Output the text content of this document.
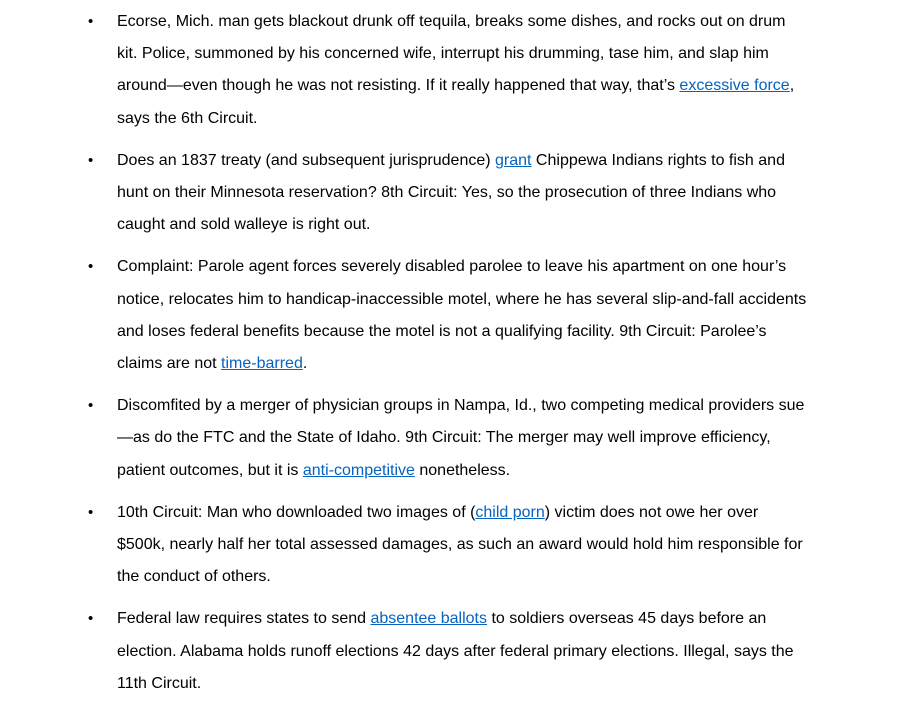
• Ecorse, Mich. man gets blackout drunk off tequila, breaks some dishes, and rocks out on drum kit. Police, summoned by his concerned wife, interrupt his drumming, tase him, and slap him around—even though he was not resisting. If it really happened that way, that’s excessive force, says the 6th Circuit.
• Does an 1837 treaty (and subsequent jurisprudence) grant Chippewa Indians rights to fish and hunt on their Minnesota reservation? 8th Circuit: Yes, so the prosecution of three Indians who caught and sold walleye is right out.
• Complaint: Parole agent forces severely disabled parolee to leave his apartment on one hour’s notice, relocates him to handicap-inaccessible motel, where he has several slip-and-fall accidents and loses federal benefits because the motel is not a qualifying facility. 9th Circuit: Parolee’s claims are not time-barred.
• Discomfited by a merger of physician groups in Nampa, Id., two competing medical providers sue—as do the FTC and the State of Idaho. 9th Circuit: The merger may well improve efficiency, patient outcomes, but it is anti-competitive nonetheless.
• 10th Circuit: Man who downloaded two images of (child porn) victim does not owe her over $500k, nearly half her total assessed damages, as such an award would hold him responsible for the conduct of others.
• Federal law requires states to send absentee ballots to soldiers overseas 45 days before an election. Alabama holds runoff elections 42 days after federal primary elections. Illegal, says the 11th Circuit.
